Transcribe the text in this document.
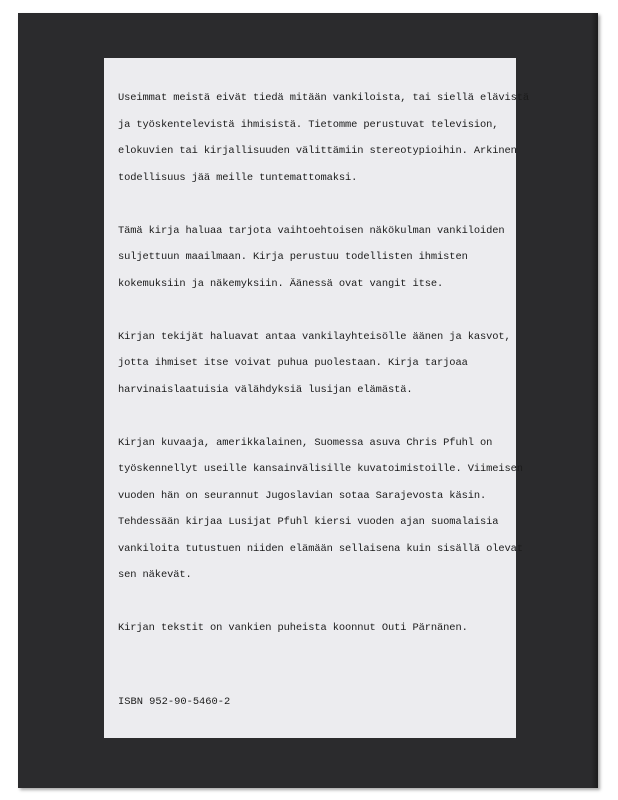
Useimmat meistä eivät tiedä mitään vankiloista, tai siellä elävistä
ja työskentelevistä ihmisistä. Tietomme perustuvat television,
elokuvien tai kirjallisuuden välittämiin stereotypioihin. Arkinen
todellisuus jää meille tuntemattomaksi.

Tämä kirja haluaa tarjota vaihtoehtoisen näkökulman vankiloiden
suljettuun maailmaan. Kirja perustuu todellisten ihmisten
kokemuksiin ja näkemyksiin. Äänessä ovat vangit itse.

Kirjan tekijät haluavat antaa vankilayhteisölle äänen ja kasvot,
jotta ihmiset itse voivat puhua puolestaan. Kirja tarjoaa
harvinaislaatuisia välähdyksiä lusijan elämästä.

Kirjan kuvaaja, amerikkalainen, Suomessa asuva Chris Pfuhl on
työskennellyt useille kansainvälisille kuvatoimistoille. Viimeisen
vuoden hän on seurannut Jugoslavian sotaa Sarajevosta käsin.
Tehdessään kirjaa Lusijat Pfuhl kiersi vuoden ajan suomalaisia
vankiloita tutustuen niiden elämään sellaisena kuin sisällä olevat
sen näkevät.

Kirjan tekstit on vankien puheista koonnut Outi Pärnänen.

ISBN 952-90-5460-2
